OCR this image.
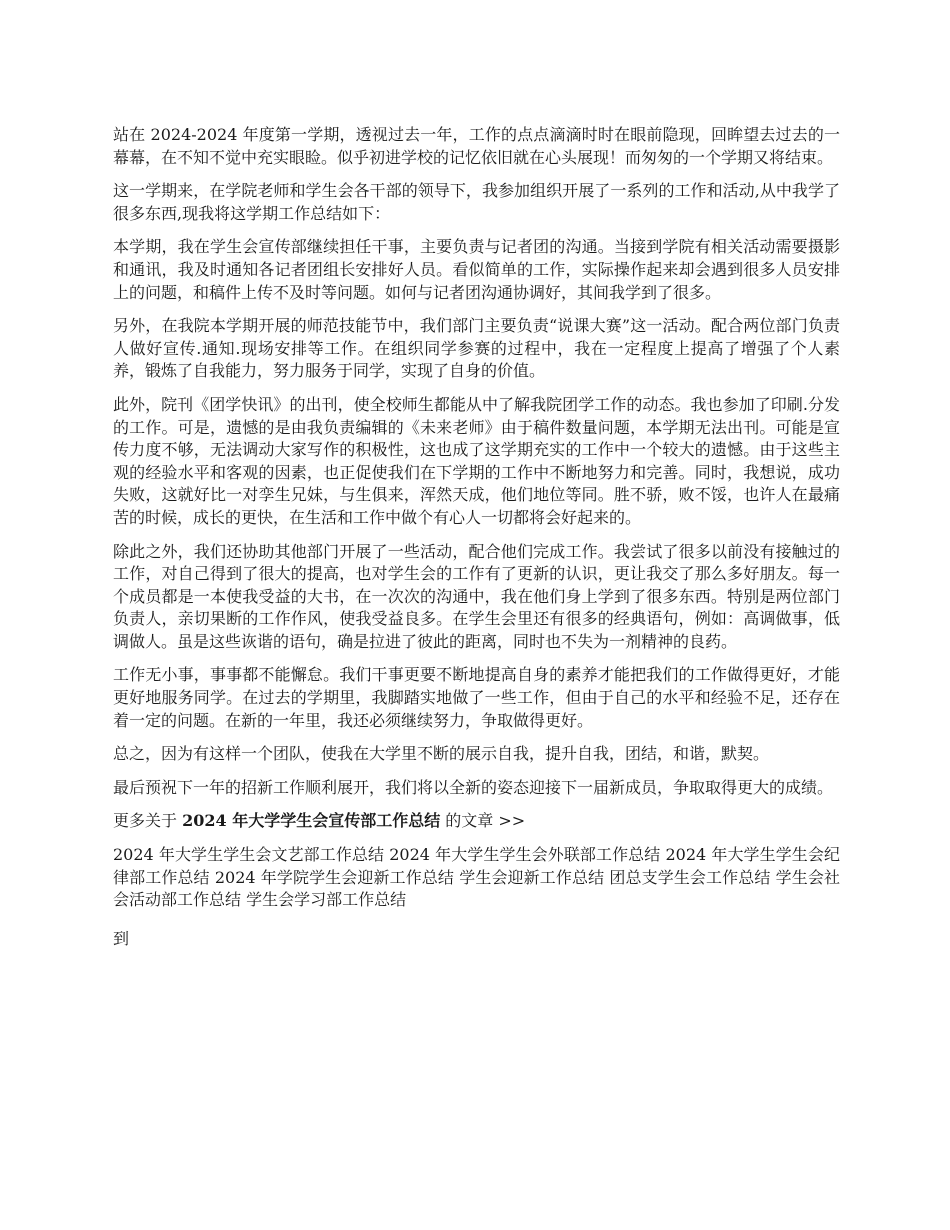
站在 2024-2024 年度第一学期，透视过去一年，工作的点点滴滴时时在眼前隐现，回眸望去过去的一幕幕，在不知不觉中充实眼睑。似乎初进学校的记忆依旧就在心头展现！而匆匆的一个学期又将结束。

这一学期来，在学院老师和学生会各干部的领导下，我参加组织开展了一系列的工作和活动,从中我学了很多东西,现我将这学期工作总结如下：

本学期，我在学生会宣传部继续担任干事，主要负责与记者团的沟通。当接到学院有相关活动需要摄影和通讯，我及时通知各记者团组长安排好人员。看似简单的工作，实际操作起来却会遇到很多人员安排上的问题，和稿件上传不及时等问题。如何与记者团沟通协调好，其间我学到了很多。

另外，在我院本学期开展的师范技能节中，我们部门主要负责“说课大赛”这一活动。配合两位部门负责人做好宣传.通知.现场安排等工作。在组织同学参赛的过程中，我在一定程度上提高了增强了个人素养，锻炼了自我能力，努力服务于同学，实现了自身的价值。

此外，院刊《团学快讯》的出刊，使全校师生都能从中了解我院团学工作的动态。我也参加了印刷.分发的工作。可是，遗憾的是由我负责编辑的《未来老师》由于稿件数量问题，本学期无法出刊。可能是宣传力度不够，无法调动大家写作的积极性，这也成了这学期充实的工作中一个较大的遗憾。由于这些主观的经验水平和客观的因素，也正促使我们在下学期的工作中不断地努力和完善。同时，我想说，成功失败，这就好比一对孪生兄妹，与生俱来，浑然天成，他们地位等同。胜不骄，败不馁，也许人在最痛苦的时候，成长的更快，在生活和工作中做个有心人一切都将会好起来的。

除此之外，我们还协助其他部门开展了一些活动，配合他们完成工作。我尝试了很多以前没有接触过的工作，对自己得到了很大的提高，也对学生会的工作有了更新的认识，更让我交了那么多好朋友。每一个成员都是一本使我受益的大书，在一次次的沟通中，我在他们身上学到了很多东西。特别是两位部门负责人，亲切果断的工作作风，使我受益良多。在学生会里还有很多的经典语句，例如：高调做事，低调做人。虽是这些诙谐的语句，确是拉进了彼此的距离，同时也不失为一剂精神的良药。

工作无小事，事事都不能懈怠。我们干事更要不断地提高自身的素养才能把我们的工作做得更好，才能更好地服务同学。在过去的学期里，我脚踏实地做了一些工作，但由于自己的水平和经验不足，还存在着一定的问题。在新的一年里，我还必须继续努力，争取做得更好。

总之，因为有这样一个团队，使我在大学里不断的展示自我，提升自我，团结，和谐，默契。

最后预祝下一年的招新工作顺利展开，我们将以全新的姿态迎接下一届新成员，争取取得更大的成绩。

更多关于 2024 年大学学生会宣传部工作总结 的文章 >>

2024 年大学生学生会文艺部工作总结 2024 年大学生学生会外联部工作总结 2024 年大学生学生会纪律部工作总结 2024 年学院学生会迎新工作总结 学生会迎新工作总结 团总支学生会工作总结 学生会社会活动部工作总结 学生会学习部工作总结

到
